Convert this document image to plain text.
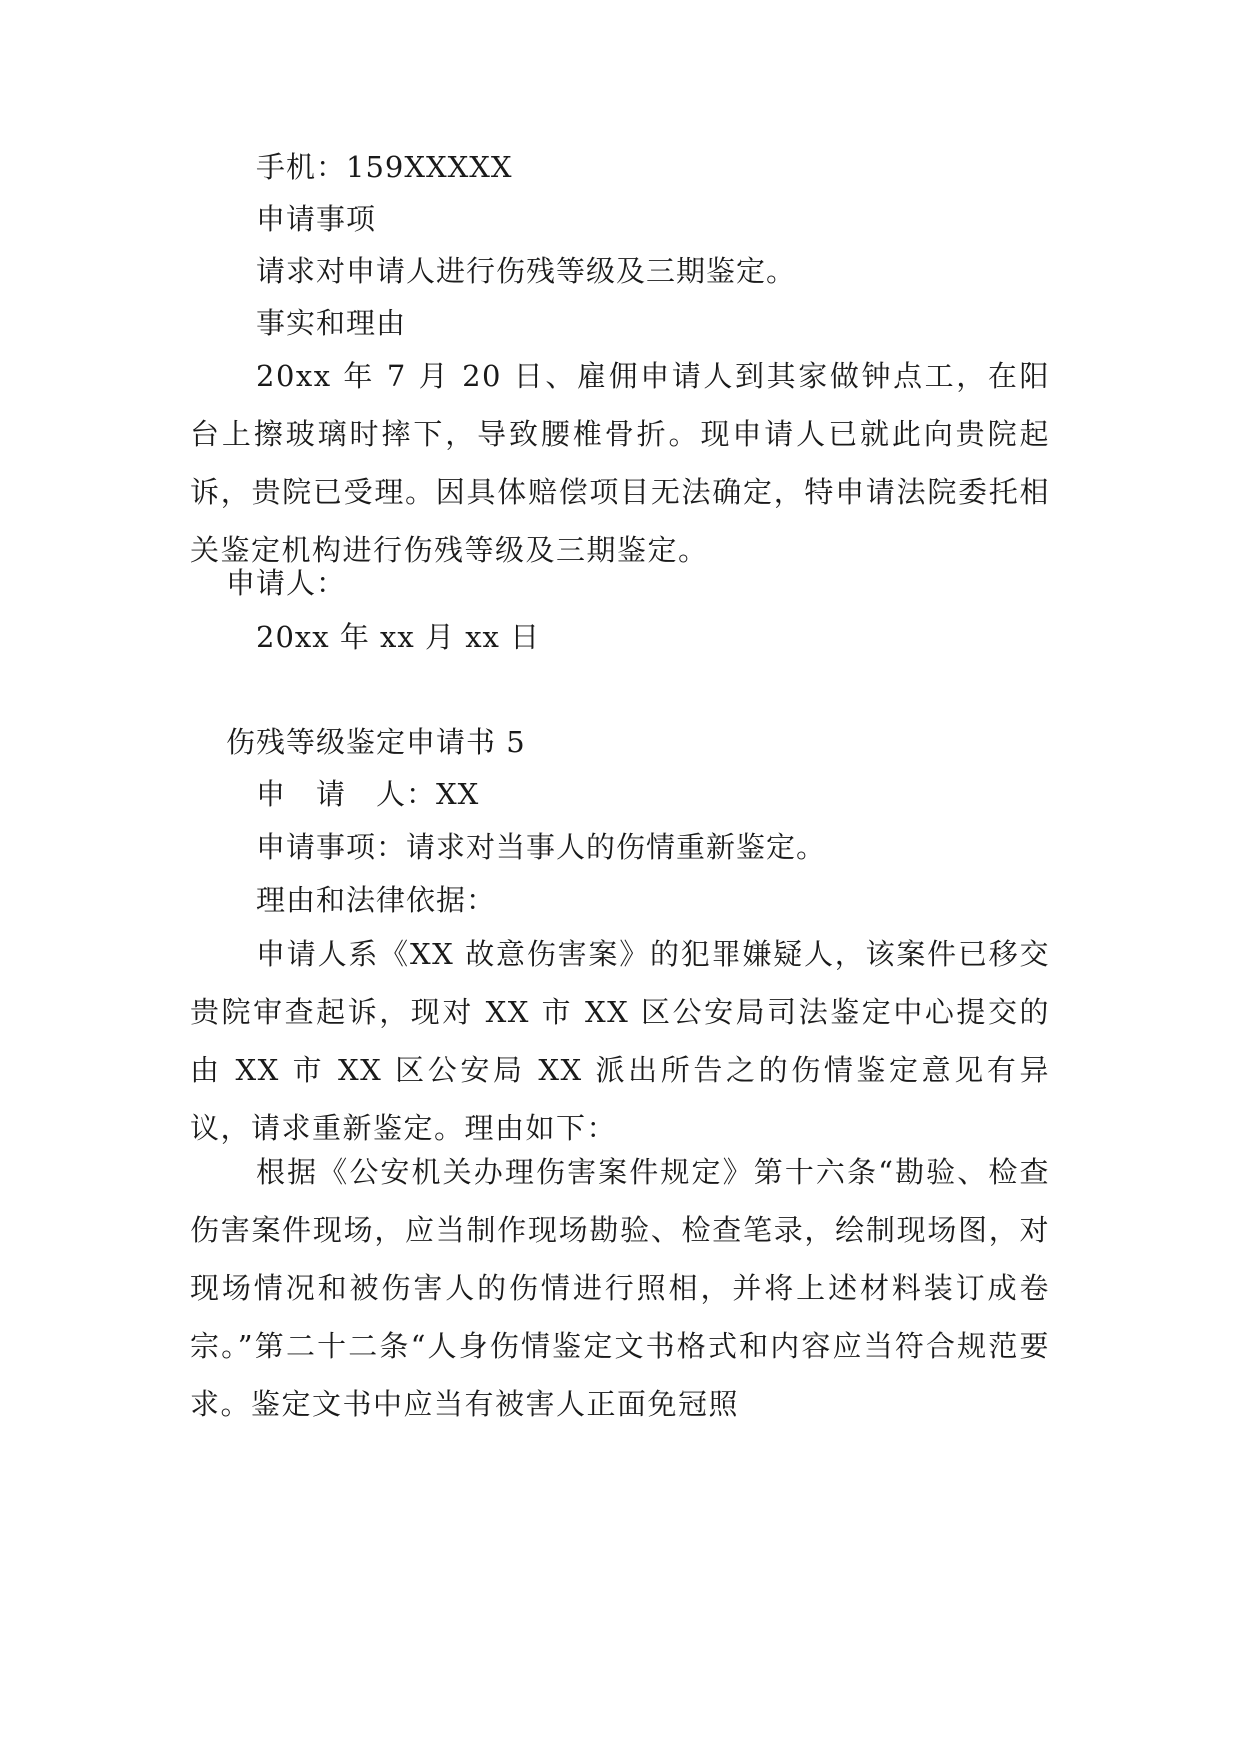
手机：159XXXXX
申请事项
请求对申请人进行伤残等级及三期鉴定。
事实和理由
20xx 年 7 月 20 日、雇佣申请人到其家做钟点工，在阳台上擦玻璃时摔下，导致腰椎骨折。现申请人已就此向贵院起诉，贵院已受理。因具体赔偿项目无法确定，特申请法院委托相关鉴定机构进行伤残等级及三期鉴定。
申请人：
20xx 年 xx 月 xx 日
伤残等级鉴定申请书 5
申　请　人：XX
申请事项：请求对当事人的伤情重新鉴定。
理由和法律依据：
申请人系《XX 故意伤害案》的犯罪嫌疑人，该案件已移交贵院审查起诉，现对 XX 市 XX 区公安局司法鉴定中心提交的由 XX 市 XX 区公安局 XX 派出所告之的伤情鉴定意见有异议，请求重新鉴定。理由如下：
根据《公安机关办理伤害案件规定》第十六条“勘验、检查伤害案件现场，应当制作现场勘验、检查笔录，绘制现场图，对现场情况和被伤害人的伤情进行照相，并将上述材料装订成卷宗。”第二十二条“人身伤情鉴定文书格式和内容应当符合规范要求。鉴定文书中应当有被害人正面免冠照
